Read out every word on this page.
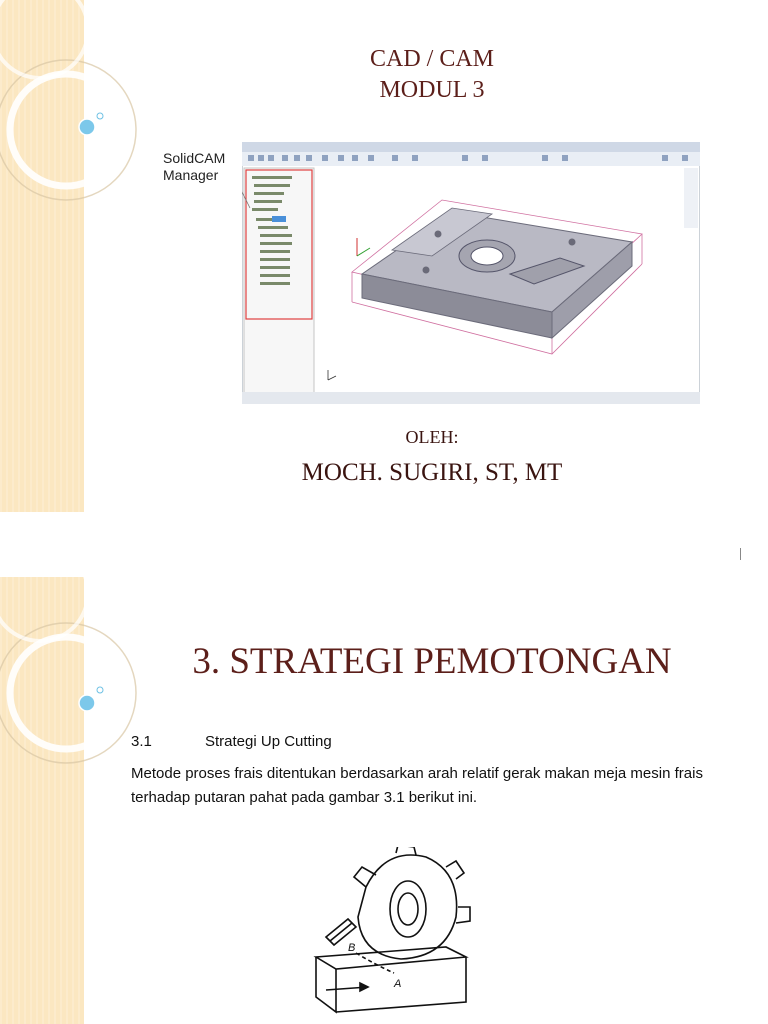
CAD / CAM
MODUL 3
SolidCAM
Manager
OLEH:
MOCH. SUGIRI, ST, MT
3. STRATEGI PEMOTONGAN
3.1	Strategi Up Cutting
Metode proses frais ditentukan berdasarkan arah relatif gerak makan meja mesin frais terhadap putaran pahat pada gambar 3.1 berikut ini.
B
A
